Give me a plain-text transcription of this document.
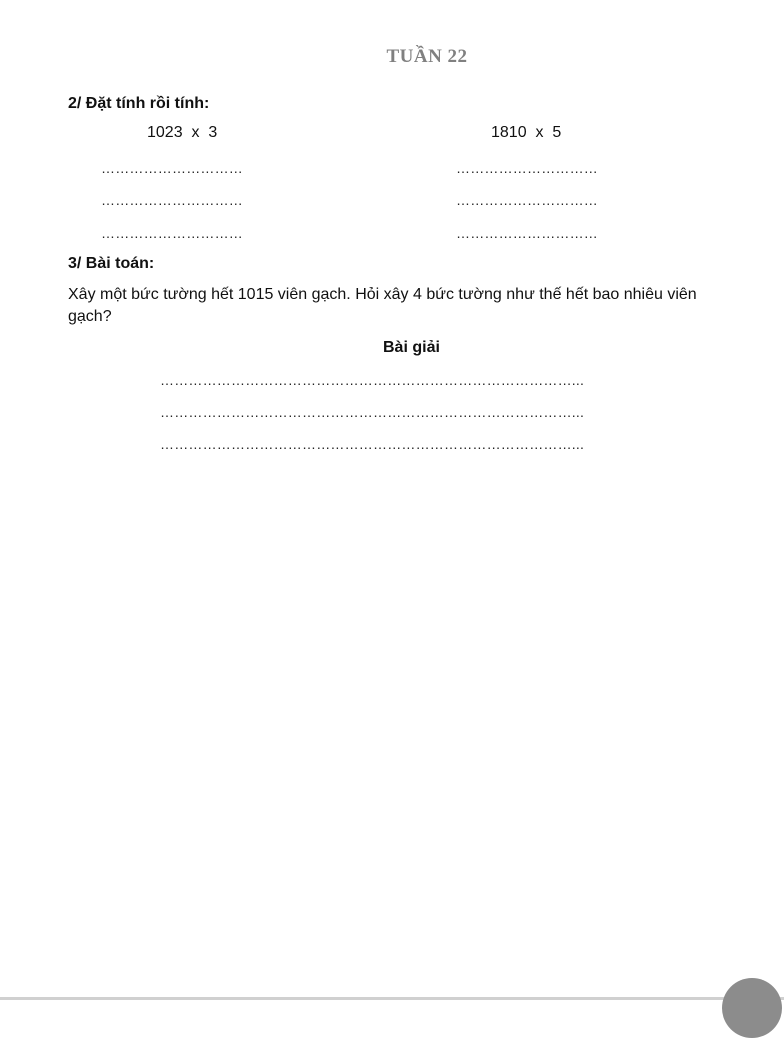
TUẦN 22
2/ Đặt tính rồi tính:
1023  x  3	1810  x  5
…………………………
…………………………
…………………………
…………………………
…………………………
…………………………
3/ Bài toán:
Xây một bức tường hết 1015 viên gạch. Hỏi xây 4 bức tường như thế hết bao nhiêu viên gạch?
Bài giải
……………………………………………………………………………...
……………………………………………………………………………...
……………………………………………………………………………...
